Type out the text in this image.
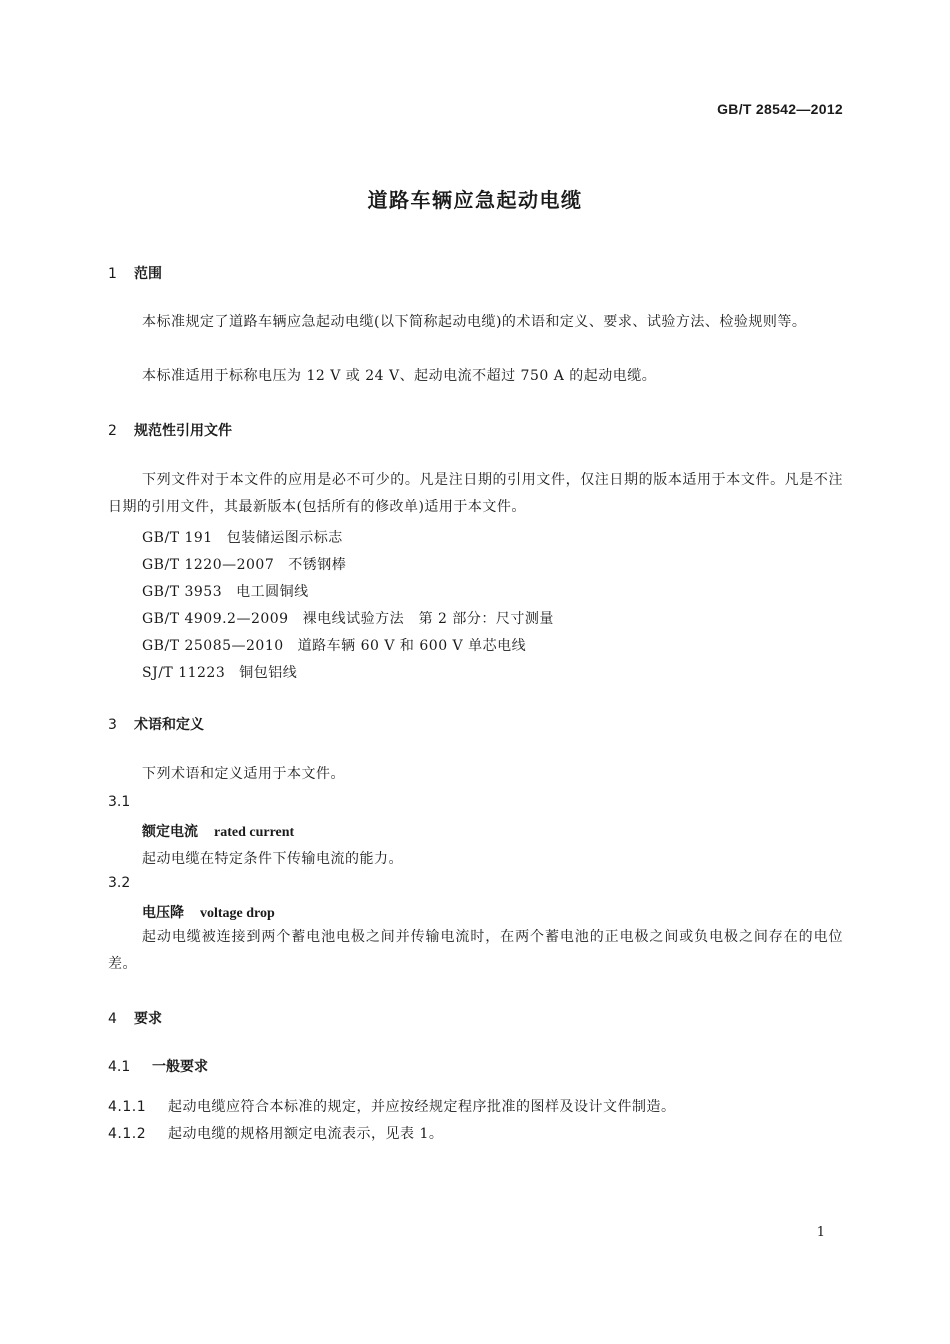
GB/T 28542—2012
道路车辆应急起动电缆
1 范围
本标准规定了道路车辆应急起动电缆(以下简称起动电缆)的术语和定义、要求、试验方法、检验规则等。
本标准适用于标称电压为 12 V 或 24 V、起动电流不超过 750 A 的起动电缆。
2 规范性引用文件
下列文件对于本文件的应用是必不可少的。凡是注日期的引用文件，仅注日期的版本适用于本文件。凡是不注日期的引用文件，其最新版本(包括所有的修改单)适用于本文件。
GB/T 191 包装储运图示标志
GB/T 1220—2007 不锈钢棒
GB/T 3953 电工圆铜线
GB/T 4909.2—2009 裸电线试验方法　第 2 部分：尺寸测量
GB/T 25085—2010 道路车辆 60 V 和 600 V 单芯电线
SJ/T 11223 铜包铝线
3 术语和定义
下列术语和定义适用于本文件。
3.1
额定电流 rated current
起动电缆在特定条件下传输电流的能力。
3.2
电压降 voltage drop
起动电缆被连接到两个蓄电池电极之间并传输电流时，在两个蓄电池的正电极之间或负电极之间存在的电位差。
4 要求
4.1 一般要求
4.1.1 起动电缆应符合本标准的规定，并应按经规定程序批准的图样及设计文件制造。
4.1.2 起动电缆的规格用额定电流表示，见表 1。
1
